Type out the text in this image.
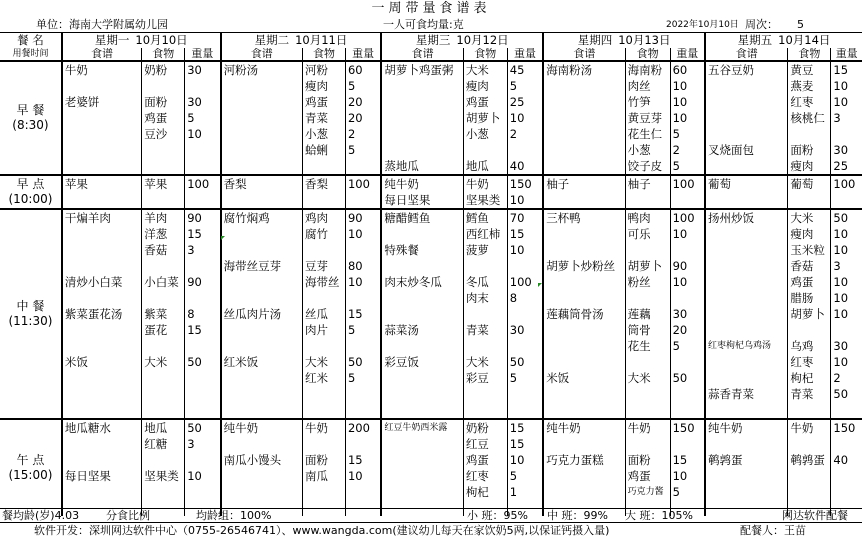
一周带量食谱表
单位：海南大学附属幼儿园	一人可食均量:克	2022年10月10日 周次： 5
餐 名	星期一 10月10日			星期二 10月11日			星期三 10月12日			星期四 10月13日			星期五 10月14日		
用餐时间	食谱	食物	重量	食谱	食物	重量	食谱	食物	重量	食谱	食物	重量	食谱	食物	重量

早 餐
(8:30)	牛奶	奶粉	30	河粉汤	河粉	60	胡萝卜鸡蛋粥	大米	45	海南粉汤	海南粉	60	五谷豆奶	黄豆	15
					瘦肉	5		瘦肉	5		肉丝	10		燕麦	10
	老婆饼	面粉	30		鸡蛋	20		鸡蛋	25		竹笋	10		红枣	10
		鸡蛋	5		青菜	20		胡萝卜	10		黄豆芽	10		核桃仁	3
		豆沙	10		小葱	2		小葱	2		花生仁	5			
					蛤蜊	5					小葱	2	叉烧面包	面粉	30
							蒸地瓜	地瓜	40		饺子皮	5		瘦肉	25

早 点
(10:00)	苹果	苹果	100	香梨	香梨	100	纯牛奶	牛奶	150	柚子	柚子	100	葡萄	葡萄	100
							每日坚果	坚果类	10						

中 餐
(11:30)	干煸羊肉	羊肉	90	腐竹焖鸡	鸡肉	90	糖醋鳕鱼	鳕鱼	70	三杯鸭	鸭肉	100	扬州炒饭	大米	50
		洋葱	15		腐竹	10		西红柿	15		可乐	10		瘦肉	10
		香菇	3				特殊餐	菠萝	10					玉米粒	10
				海带丝豆芽	豆芽	80				胡萝卜炒粉丝	胡萝卜	90		香菇	3
	清炒小白菜	小白菜	90		海带丝	10	肉末炒冬瓜	冬瓜	100		粉丝	10		鸡蛋	10
								肉末	8					腊肠	10
	紫菜蛋花汤	紫菜	8	丝瓜肉片汤	丝瓜	15				莲藕筒骨汤	莲藕	30		胡萝卜	10
		蛋花	15		肉片	5	蒜菜汤	青菜	30		筒骨	20			
											花生	5	红枣枸杞乌鸡汤	乌鸡	30
	米饭	大米	50	红米饭	大米	50	彩豆饭	大米	50					红枣	10
					红米	5		彩豆	5	米饭	大米	50		枸杞	2
													蒜香青菜	青菜	50

午 点
(15:00)	地瓜糖水	地瓜	50	纯牛奶	牛奶	200	红豆牛奶西米露	奶粉	15	纯牛奶	牛奶	150	纯牛奶	牛奶	150
		红糖	3					红豆	15						
				南瓜小馒头	面粉	15		鸡蛋	10	巧克力蛋糕	面粉	15	鹌鹑蛋	鹌鹑蛋	40
	每日坚果	坚果类	10		南瓜	10		红枣	5		鸡蛋	10			
								枸杞	1		巧克力酱	5			

餐均龄(岁)4.03 分食比例	均龄组：100%	小 班：95% 中 班：99% 大 班：105%	网达软件配餐
软件开发：深圳网达软件中心（0755-26546741）、www.wangda.com(建议幼儿每天在家饮奶5两,以保证钙摄入量)	配餐人：王苗
